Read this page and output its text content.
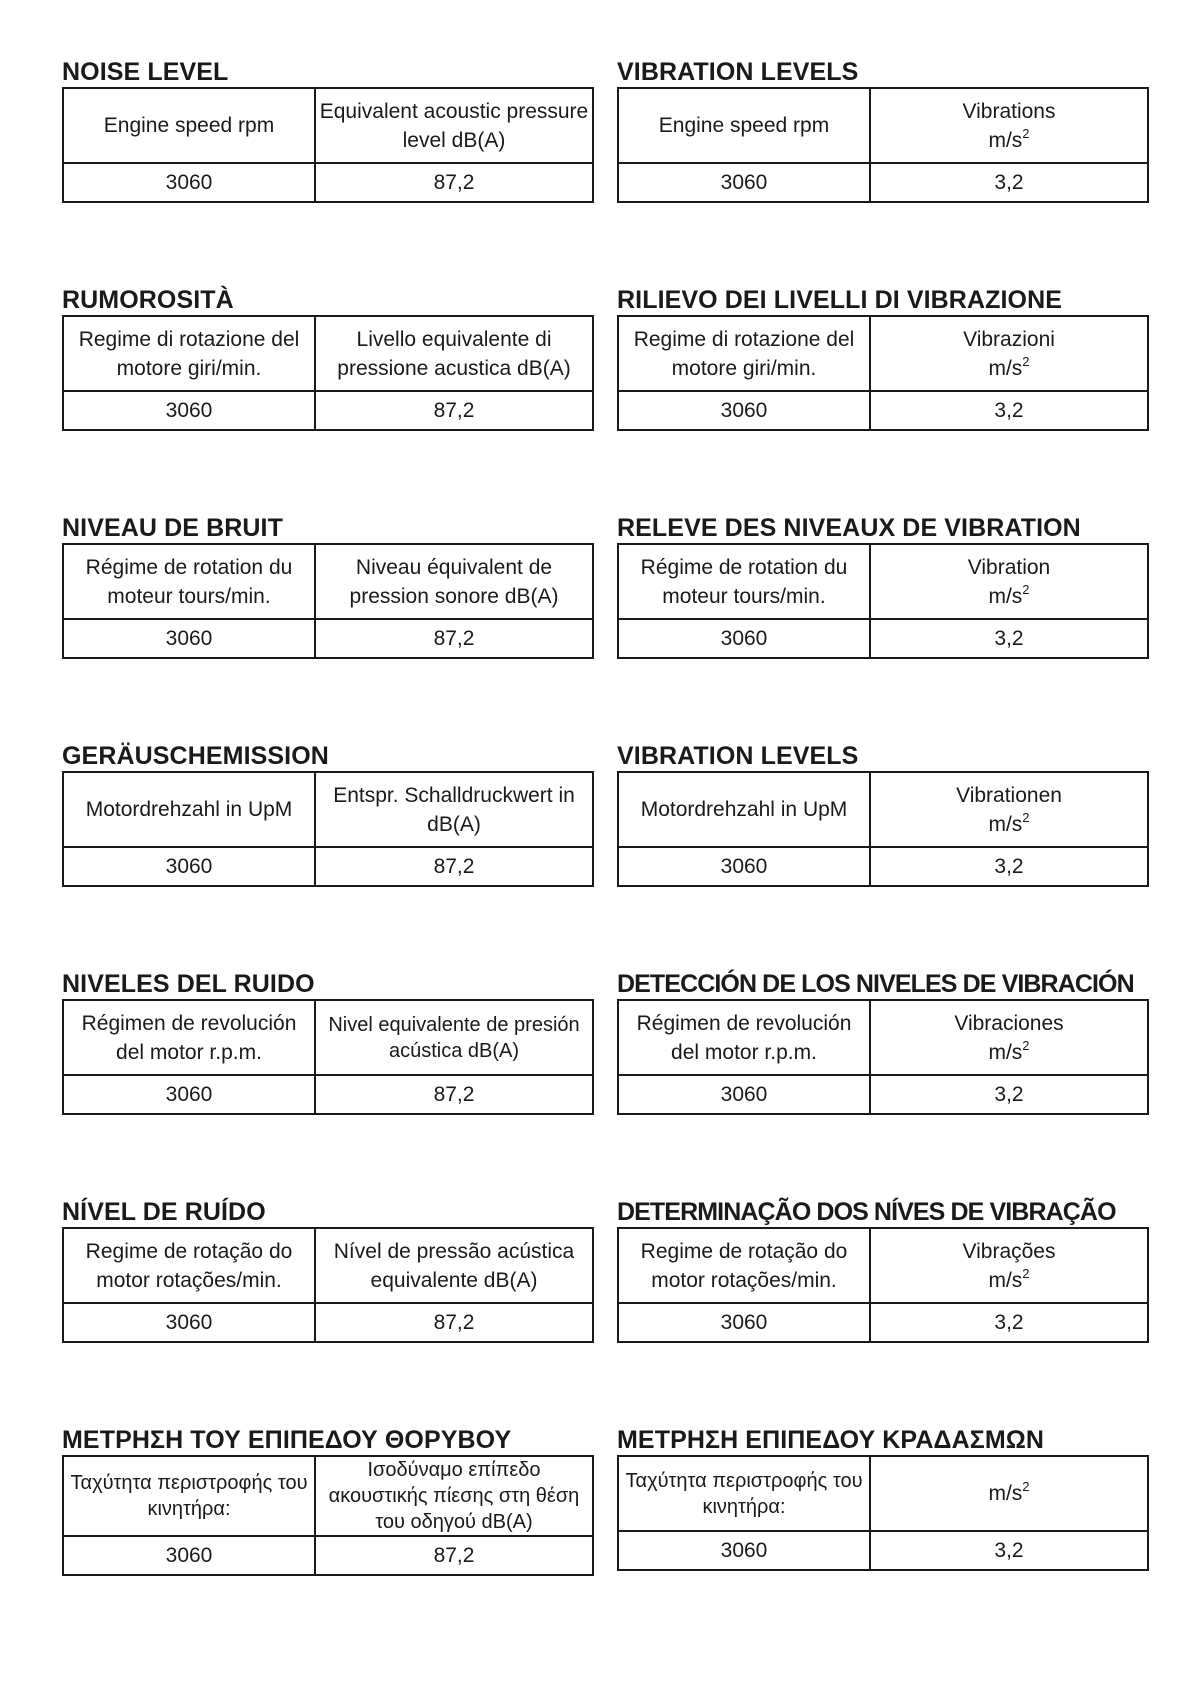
NOISE LEVEL
Engine speed rpm	Equivalent acoustic pressure level dB(A)
3060	87,2
VIBRATION LEVELS
Engine speed rpm	Vibrations
$m/s^2$

3060	3,2
RUMOROSITÀ
Regime di rotazione del motore giri/min.	Livello equivalente di pressione acustica dB(A)
3060	87,2
RILIEVO DEI LIVELLI DI VIBRAZIONE
Regime di rotazione del motore giri/min.	Vibrazioni
$m/s^2$

3060	3,2
NIVEAU DE BRUIT
Régime de rotation du moteur tours/min.	Niveau équivalent de pression sonore dB(A)
3060	87,2
RELEVE DES NIVEAUX DE VIBRATION
Régime de rotation du moteur tours/min.	Vibration
$m/s^2$

3060	3,2
GERÄUSCHEMISSION
Motordrehzahl in UpM	Entspr. Schalldruckwert in dB(A)
3060	87,2
VIBRATION LEVELS
Motordrehzahl in UpM	Vibrationen
$m/s^2$

3060	3,2
NIVELES DEL RUIDO
Régimen de revolución del motor r.p.m.	Nivel equivalente de presión acústica dB(A)
3060	87,2
DETECCIÓN DE LOS NIVELES DE VIBRACIÓN
Régimen de revolución del motor r.p.m.	Vibraciones
$m/s^2$

3060	3,2
NÍVEL DE RUÍDO
Regime de rotação do motor rotações/min.	Nível de pressão acústica equivalente dB(A)
3060	87,2
DETERMINAÇÃO DOS NÍVES DE VIBRAÇÃO
Regime de rotação do motor rotações/min.	Vibrações
$m/s^2$

3060	3,2
ΜΕΤΡΗΣΗ ΤΟΥ ΕΠΙΠΕΔΟΥ ΘΟΡΥΒΟΥ
Ταχύτητα περιστροφής του κινητήρα:	Ισοδύναμο επίπεδο ακουστικής πίεσης στη θέση του οδηγού dB(A)
3060	87,2
ΜΕΤΡΗΣΗ ΕΠΙΠΕΔΟΥ ΚΡΑΔΑΣΜΩΝ
Ταχύτητα περιστροφής του κινητήρα:	$m/s^2$

3060	3,2
